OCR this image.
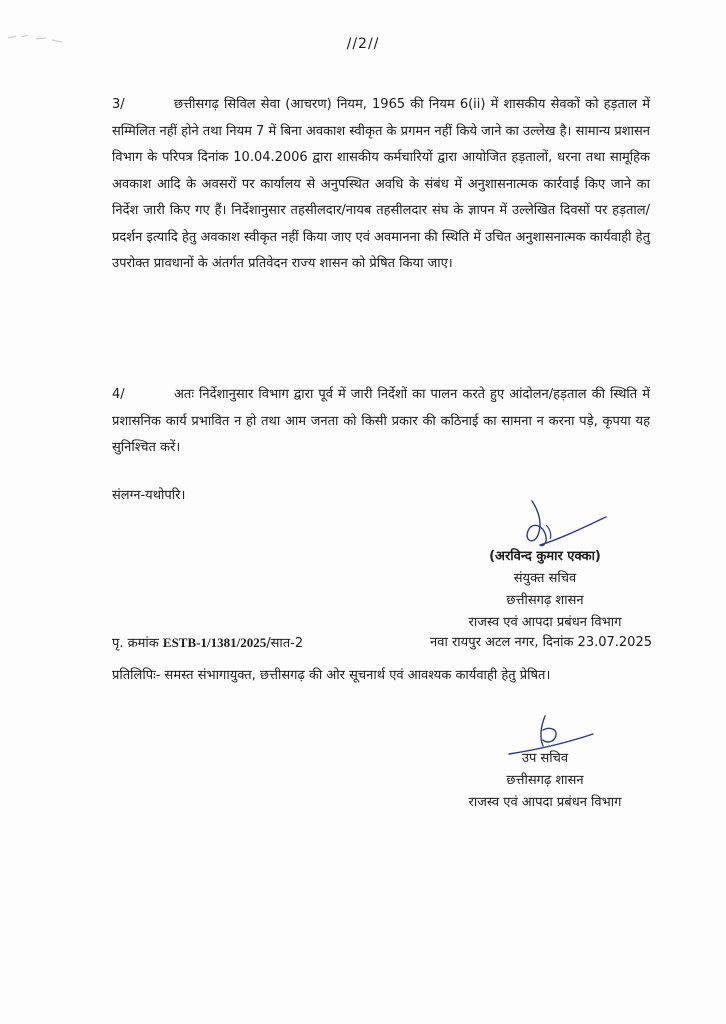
//2//
3/	छत्तीसगढ़ सिविल सेवा (आचरण) नियम, 1965 की नियम 6(ii) में शासकीय सेवकों को हड़ताल में सम्मिलित नहीं होने तथा नियम 7 में बिना अवकाश स्वीकृत के प्रगमन नहीं किये जाने का उल्लेख है। सामान्य प्रशासन विभाग के परिपत्र दिनांक 10.04.2006 द्वारा शासकीय कर्मचारियों द्वारा आयोजित हड़तालों, धरना तथा सामूहिक अवकाश आदि के अवसरों पर कार्यालय से अनुपस्थित अवधि के संबंध में अनुशासनात्मक कार्रवाई किए जाने का निर्देश जारी किए गए हैं। निर्देशानुसार तहसीलदार/नायब तहसीलदार संघ के ज्ञापन में उल्लेखित दिवसों पर हड़ताल/प्रदर्शन इत्यादि हेतु अवकाश स्वीकृत नहीं किया जाए एवं अवमानना की स्थिति में उचित अनुशासनात्मक कार्यवाही हेतु उपरोक्त प्रावधानों के अंतर्गत प्रतिवेदन राज्य शासन को प्रेषित किया जाए।
4/	अतः निर्देशानुसार विभाग द्वारा पूर्व में जारी निर्देशों का पालन करते हुए आंदोलन/हड़ताल की स्थिति में प्रशासनिक कार्य प्रभावित न हो तथा आम जनता को किसी प्रकार की कठिनाई का सामना न करना पड़े, कृपया यह सुनिश्चित करें।
संलग्न-यथोपरि।
(अरविन्द कुमार एक्का)
संयुक्त सचिव
छत्तीसगढ़ शासन
राजस्व एवं आपदा प्रबंधन विभाग
पृ. क्रमांक ESTB-1/1381/2025/सात-2	नवा रायपुर अटल नगर, दिनांक 23.07.2025
प्रतिलिपिः- समस्त संभागायुक्त, छत्तीसगढ़ की ओर सूचनार्थ एवं आवश्यक कार्यवाही हेतु प्रेषित।
उप सचिव
छत्तीसगढ़ शासन
राजस्व एवं आपदा प्रबंधन विभाग
